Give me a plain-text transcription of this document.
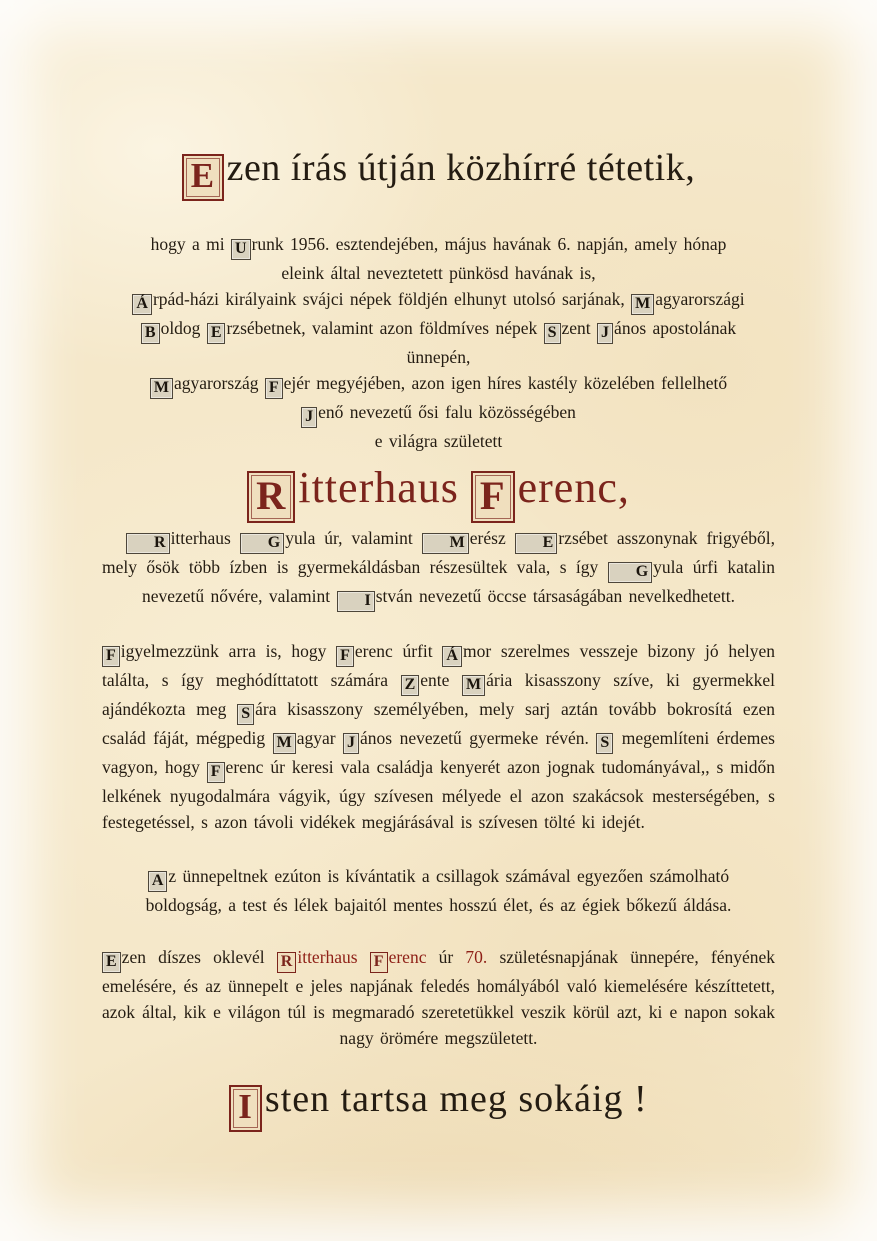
E zen írás útján közhírré tétetik,

hogy a mi U runk 1956. esztendejében, május havának 6. napján, amely hónap
eleink által neveztetett pünkösd havának is,

Á rpád-házi királyaink svájci népek földjén elhunyt utolsó sarjának, M agyarországi
B oldog E rzsébetnek, valamint azon földmíves népek S zent J ános apostolának
ünnepén,
M agyarország F ejér megyéjében, azon igen híres kastély közelében fellelhető
J enő nevezetű ősi falu közösségében
e világra született

R itterhaus F erenc,

R itterhaus G yula úr, valamint M erész E rzsébet asszonynak frigyéből, mely ősök több ízben is gyermekáldásban részesültek vala, s így G yula úrfi katalin nevezetű nővére, valamint I stván nevezetű öccse társaságában nevelkedhetett.

F igyelmezzünk arra is, hogy F erenc úrfit Á mor szerelmes vesszeje bizony jó helyen találta, s így meghódíttatott számára Z ente M ária kisasszony szíve, ki gyermekkel ajándékozta meg S ára kisasszony személyében, mely sarj aztán tovább bokrosítá ezen család fáját, mégpedig M agyar J ános nevezetű gyermeke révén. S megemlíteni érdemes vagyon, hogy F erenc úr keresi vala családja kenyerét azon jognak tudományával,, s midőn lelkének nyugodalmára vágyik, úgy szívesen mélyede el azon szakácsok mesterségében, s festegetéssel, s azon távoli vidékek megjárásával is szívesen tölté ki idejét.

A z ünnepeltnek ezúton is kívántatik a csillagok számával egyezően számolható
boldogság, a test és lélek bajaitól mentes hosszú élet, és az égiek bőkezű áldása.

E zen díszes oklevél R itterhaus F erenc úr 70. születésnapjának ünnepére, fényének emelésére, és az ünnepelt e jeles napjának feledés homályából való kiemelésére készíttetett, azok által, kik e világon túl is megmaradó szeretetükkel veszik körül azt, ki e napon sokak nagy örömére megszületett.

I sten tartsa meg sokáig !
